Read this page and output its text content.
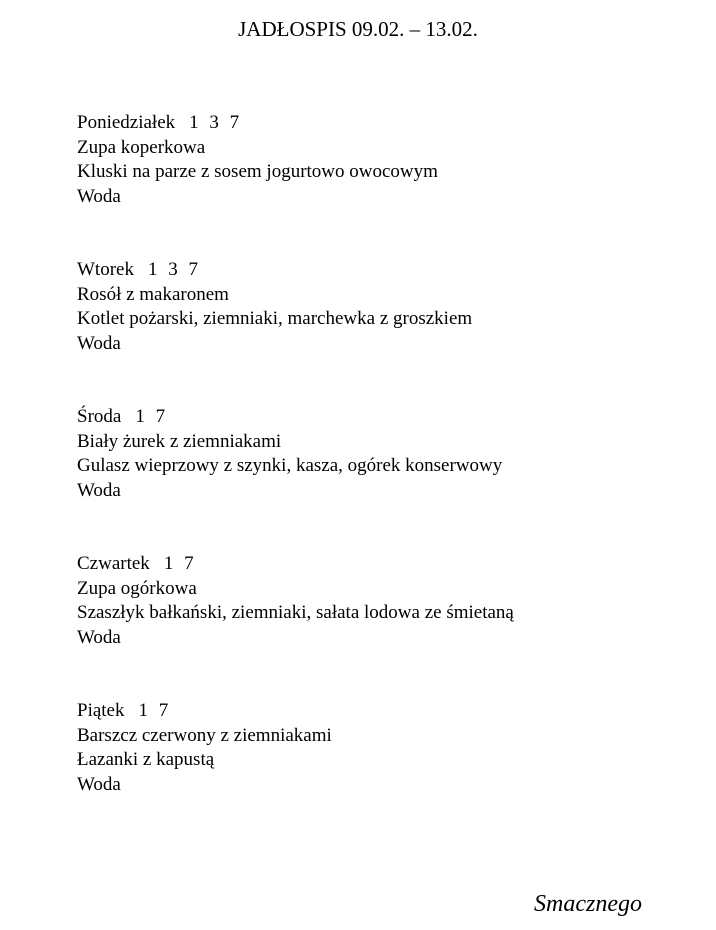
JADŁOSPIS 09.02. – 13.02.
Poniedziałek 1 3 7
Zupa koperkowa
Kluski na parze z sosem jogurtowo owocowym
Woda
Wtorek 1 3 7
Rosół z makaronem
Kotlet pożarski, ziemniaki, marchewka z groszkiem
Woda
Środa 1 7
Biały żurek z ziemniakami
Gulasz wieprzowy z szynki, kasza, ogórek konserwowy
Woda
Czwartek 1 7
Zupa ogórkowa
Szaszłyk bałkański, ziemniaki, sałata lodowa ze śmietaną
Woda
Piątek 1 7
Barszcz czerwony z ziemniakami
Łazanki z kapustą
Woda
Smacznego
